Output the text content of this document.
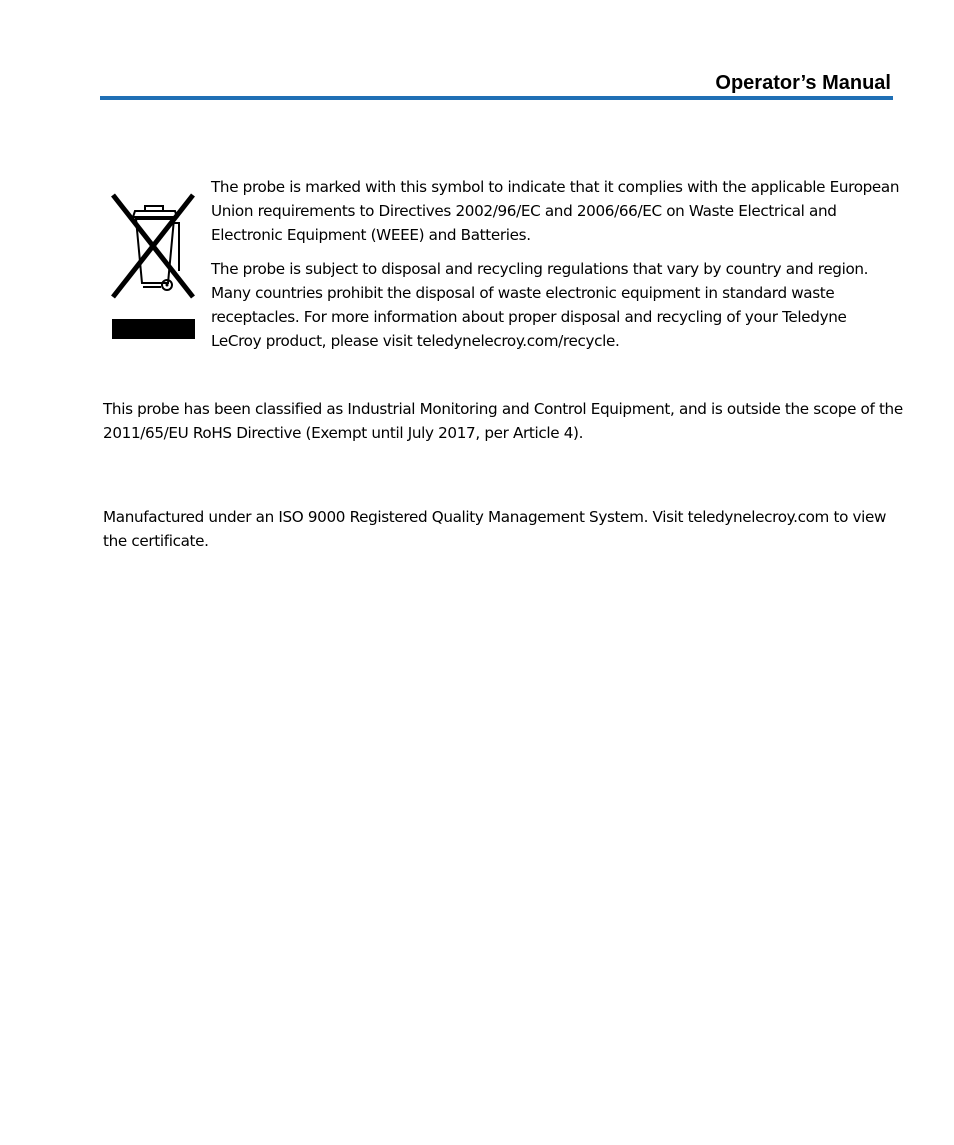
Operator’s Manual

The probe is marked with this symbol to indicate that it complies with the applicable European Union requirements to Directives 2002/96/EC and 2006/66/EC on Waste Electrical and Electronic Equipment (WEEE) and Batteries.

The probe is subject to disposal and recycling regulations that vary by country and region. Many countries prohibit the disposal of waste electronic equipment in standard waste receptacles. For more information about proper disposal and recycling of your Teledyne LeCroy product, please visit teledynelecroy.com/recycle.

This probe has been classified as Industrial Monitoring and Control Equipment, and is outside the scope of the 2011/65/EU RoHS Directive (Exempt until July 2017, per Article 4).

Manufactured under an ISO 9000 Registered Quality Management System. Visit teledynelecroy.com to view the certificate.
